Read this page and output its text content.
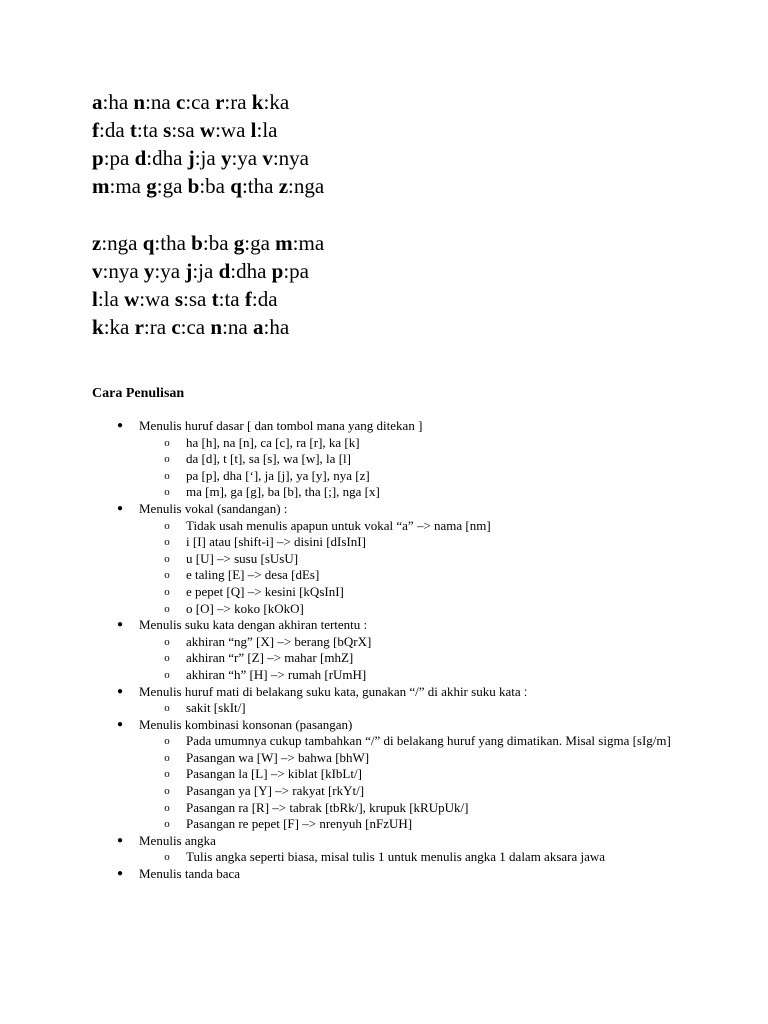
a:ha n:na c:ca r:ra k:ka
f:da t:ta s:sa w:wa l:la
p:pa d:dha j:ja y:ya v:nya
m:ma g:ga b:ba q:tha z:nga
z:nga q:tha b:ba g:ga m:ma
v:nya y:ya j:ja d:dha p:pa
l:la w:wa s:sa t:ta f:da
k:ka r:ra c:ca n:na a:ha
Cara Penulisan
● Menulis huruf dasar [ dan tombol mana yang ditekan ]
o ha [h], na [n], ca [c], ra [r], ka [k]
o da [d], t [t], sa [s], wa [w], la [l]
o pa [p], dha [‘], ja [j], ya [y], nya [z]
o ma [m], ga [g], ba [b], tha [;], nga [x]
● Menulis vokal (sandangan) :
o Tidak usah menulis apapun untuk vokal “a” –> nama [nm]
o i [I] atau [shift-i] –> disini [dIsInI]
o u [U] –> susu [sUsU]
o e taling [E] –> desa [dEs]
o e pepet [Q] –> kesini [kQsInI]
o o [O] –> koko [kOkO]
● Menulis suku kata dengan akhiran tertentu :
o akhiran “ng” [X] –> berang [bQrX]
o akhiran “r” [Z] –> mahar [mhZ]
o akhiran “h” [H] –> rumah [rUmH]
● Menulis huruf mati di belakang suku kata, gunakan “/” di akhir suku kata :
o sakit [skIt/]
● Menulis kombinasi konsonan (pasangan)
o Pada umumnya cukup tambahkan “/” di belakang huruf yang dimatikan. Misal sigma [sIg/m]
o Pasangan wa [W] –> bahwa [bhW]
o Pasangan la [L] –> kiblat [kIbLt/]
o Pasangan ya [Y] –> rakyat [rkYt/]
o Pasangan ra [R] –> tabrak [tbRk/], krupuk [kRUpUk/]
o Pasangan re pepet [F] –> nrenyuh [nFzUH]
● Menulis angka
o Tulis angka seperti biasa, misal tulis 1 untuk menulis angka 1 dalam aksara jawa
● Menulis tanda baca
